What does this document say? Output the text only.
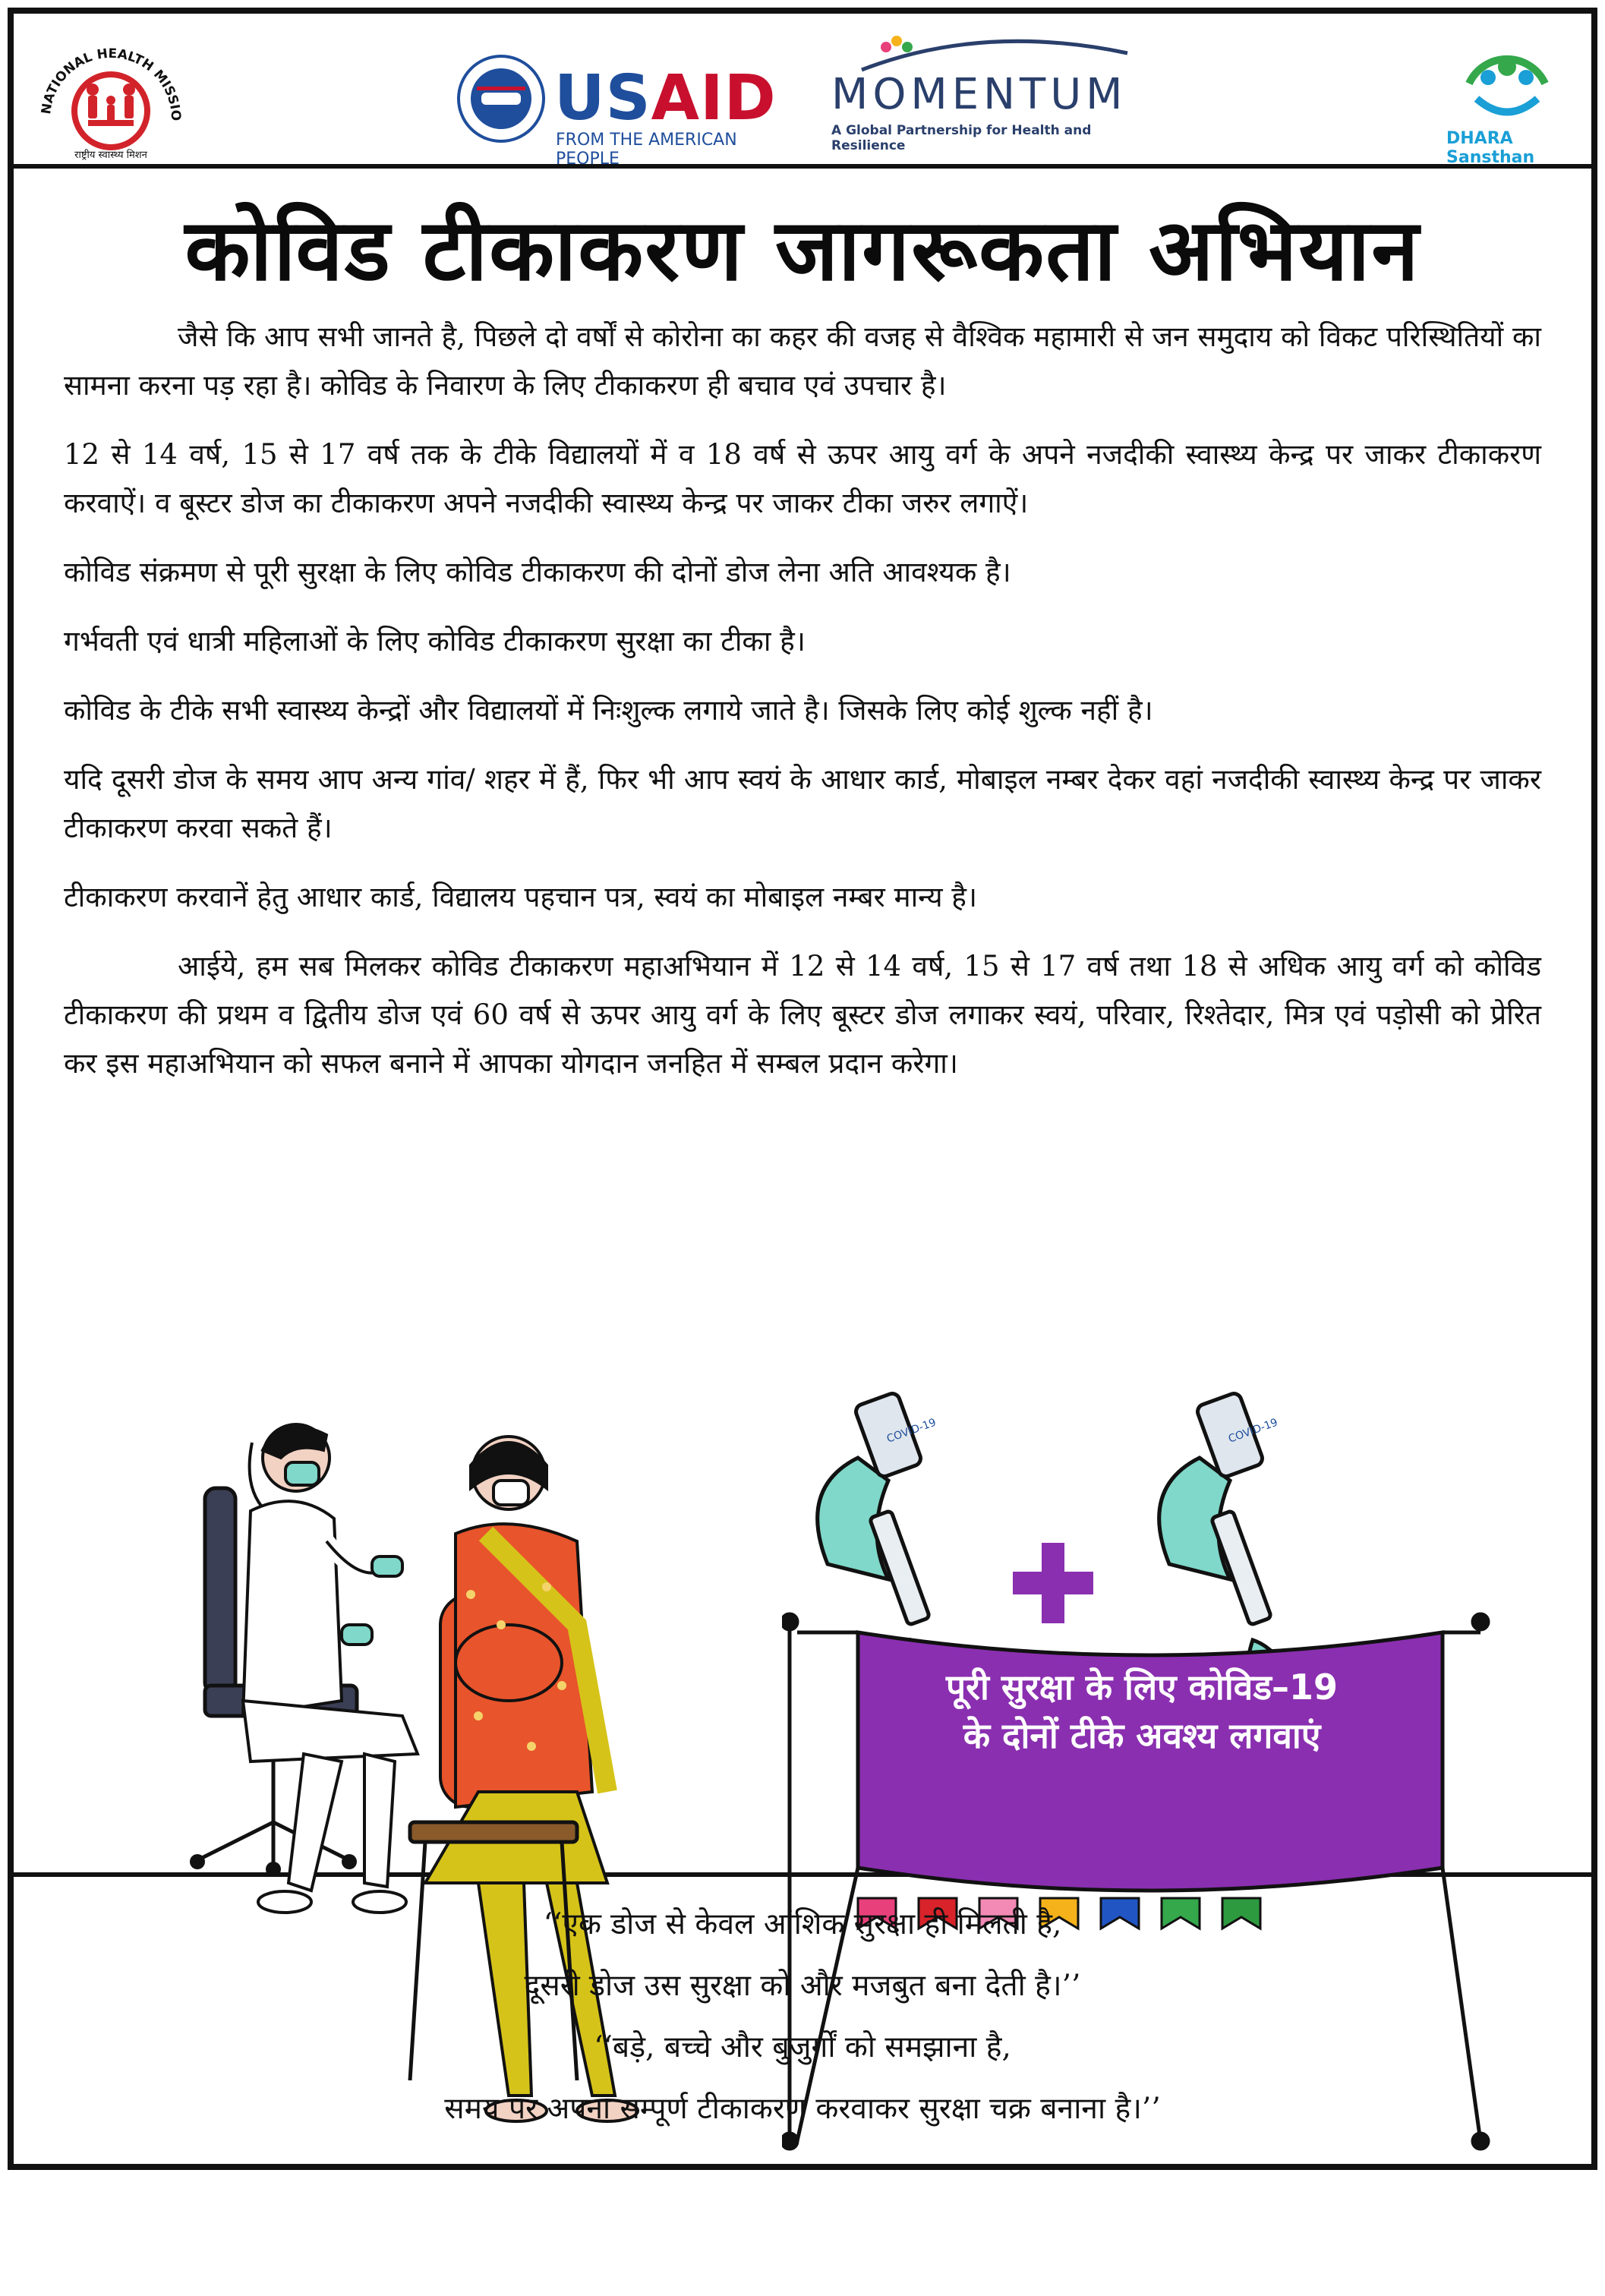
NATIONAL HEALTH MISSIO
राष्ट्रीय स्वास्थ्य मिशन
USAID
FROM THE AMERICAN PEOPLE
MOMENTUM
A Global Partnership for Health and Resilience	DHARA Sansthan
कोविड टीकाकरण जागरूकता अभियान

जैसे कि आप सभी जानते है, पिछले दो वर्षों से कोरोना का कहर की वजह से वैश्विक महामारी से जन समुदाय को विकट परिस्थितियों का सामना करना पड़ रहा है। कोविड के निवारण के लिए टीकाकरण ही बचाव एवं उपचार है।

12 से 14 वर्ष, 15 से 17 वर्ष तक के टीके विद्यालयों में व 18 वर्ष से ऊपर आयु वर्ग के अपने नजदीकी स्वास्थ्य केन्द्र पर जाकर टीकाकरण करवाऐं। व बूस्टर डोज का टीकाकरण अपने नजदीकी स्वास्थ्य केन्द्र पर जाकर टीका जरुर लगाऐं।

कोविड संक्रमण से पूरी सुरक्षा के लिए कोविड टीकाकरण की दोनों डोज लेना अति आवश्यक है।

गर्भवती एवं धात्री महिलाओं के लिए कोविड टीकाकरण सुरक्षा का टीका है।

कोविड के टीके सभी स्वास्थ्य केन्द्रों और विद्यालयों में निःशुल्क लगाये जाते है। जिसके लिए कोई शुल्क नहीं है।

यदि दूसरी डोज के समय आप अन्य गांव/ शहर में हैं, फिर भी आप स्वयं के आधार कार्ड, मोबाइल नम्बर देकर वहां नजदीकी स्वास्थ्य केन्द्र पर जाकर टीकाकरण करवा सकते हैं।

टीकाकरण करवानें हेतु आधार कार्ड, विद्यालय पहचान पत्र, स्वयं का मोबाइल नम्बर मान्य है।

आईये, हम सब मिलकर कोविड टीकाकरण महाअभियान में 12 से 14 वर्ष, 15 से 17 वर्ष तथा 18 से अधिक आयु वर्ग को कोविड टीकाकरण की प्रथम व द्वितीय डोज एवं 60 वर्ष से ऊपर आयु वर्ग के लिए बूस्टर डोज लगाकर स्वयं, परिवार, रिश्तेदार, मित्र एवं पड़ोसी को प्रेरित कर इस महाअभियान को सफल बनाने में आपका योगदान जनहित में सम्बल प्रदान करेगा।

COVID-19	COVID-19
पूरी सुरक्षा के लिए कोविड–19
के दोनों टीके अवश्य लगवाएं
‘‘एक डोज से केवल आंशिक सुरक्षा ही मिलती है,
दूसरी डोज उस सुरक्षा को और मजबुत बना देती है।’’
‘‘बड़े, बच्चे और बुजुर्गों को समझाना है,
समय पर अपना सम्पूर्ण टीकाकरण करवाकर सुरक्षा चक्र बनाना है।’’
